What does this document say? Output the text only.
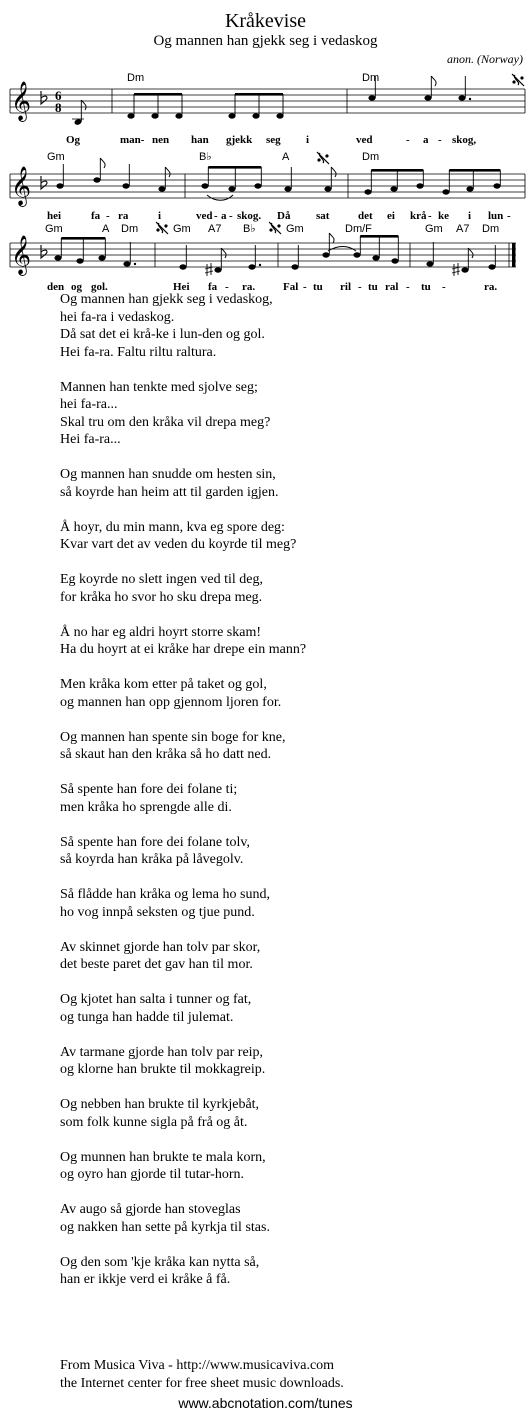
Kråkevise
Og mannen han gjekk seg i vedaskog
anon. (Norway)
𝄞 6
8
Dm	Dm
Og	man- nen han gjekk seg i	ved	- a - skog,
𝄞
Gm	B♭	A	Dm
hei	fa - ra	i	ved - a - skog. Då sat	det ei krå - ke i lun -
𝄞
Gm	A Dm	Gm A7 B♭	Gm	Dm/F	Gm A7 Dm
den og gol.	Hei fa - ra.	Fal - tu ril - tu ral - tu -	ra.
Og mannen han gjekk seg i vedaskog,
hei fa-ra i vedaskog.
Då sat det ei krå-ke i lun-den og gol.
Hei fa-ra. Faltu riltu raltura.
Mannen han tenkte med sjolve seg;
hei fa-ra...
Skal tru om den kråka vil drepa meg?
Hei fa-ra...
Og mannen han snudde om hesten sin,
så koyrde han heim att til garden igjen.
Å hoyr, du min mann, kva eg spore deg:
Kvar vart det av veden du koyrde til meg?
Eg koyrde no slett ingen ved til deg,
for kråka ho svor ho sku drepa meg.
Å no har eg aldri hoyrt storre skam!
Ha du hoyrt at ei kråke har drepe ein mann?
Men kråka kom etter på taket og gol,
og mannen han opp gjennom ljoren for.
Og mannen han spente sin boge for kne,
så skaut han den kråka så ho datt ned.
Så spente han fore dei folane ti;
men kråka ho sprengde alle di.
Så spente han fore dei folane tolv,
så koyrda han kråka på låvegolv.
Så flådde han kråka og lema ho sund,
ho vog innpå seksten og tjue pund.
Av skinnet gjorde han tolv par skor,
det beste paret det gav han til mor.
Og kjotet han salta i tunner og fat,
og tunga han hadde til julemat.
Av tarmane gjorde han tolv par reip,
og klorne han brukte til mokkagreip.
Og nebben han brukte til kyrkjebåt,
som folk kunne sigla på frå og åt.
Og munnen han brukte te mala korn,
og oyro han gjorde til tutar-horn.
Av augo så gjorde han stoveglas
og nakken han sette på kyrkja til stas.
Og den som 'kje kråka kan nytta så,
han er ikkje verd ei kråke å få.
From Musica Viva - http://www.musicaviva.com
the Internet center for free sheet music downloads.
www.abcnotation.com/tunes
